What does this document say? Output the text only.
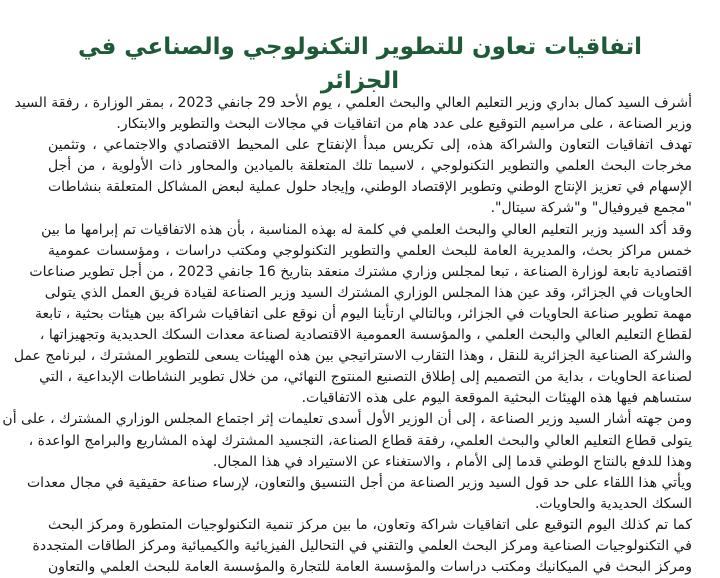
اتفاقيات تعاون للتطوير التكنولوجي والصناعي في الجزائر
أشرف السيد كمال بداري وزير التعليم العالي والبحث العلمي ، يوم الأحد 29 جانفي 2023 ، بمقر الوزارة ، رفقة السيد
وزير الصناعة ، على مراسيم التوقيع على عدد هام من اتفاقيات في مجالات البحث والتطوير والابتكار.
تهدف اتفاقيات التعاون والشراكة هذه، إلى تكريس مبدأ الإنفتاح على المحيط الاقتصادي والاجتماعي ، وتثمين
مخرجات البحث العلمي والتطوير التكنولوجي ، لاسيما تلك المتعلقة بالميادين والمحاور ذات الأولوية ، من أجل
الإسهام في تعزيز الإنتاج الوطني وتطوير الإقتصاد الوطني، وإيجاد حلول عملية لبعض المشاكل المتعلقة بنشاطات
"مجمع فيروفيال" و"شركة سيتال".
وقد أكد السيد وزير التعليم العالي والبحث العلمي في كلمة له بهذه المناسبة ، بأن هذه الاتفاقيات تم إبرامها ما بين
خمس مراكز بحث، والمديرية العامة للبحث العلمي والتطوير التكنولوجي ومكتب دراسات ، ومؤسسات عمومية
اقتصادية تابعة لوزارة الصناعة ، تبعا لمجلس وزاري مشترك منعقد بتاريخ 16 جانفي 2023 ، من أجل تطوير صناعات
الحاويات في الجزائر، وقد عين هذا المجلس الوزاري المشترك السيد وزير الصناعة لقيادة فريق العمل الذي يتولى
مهمة تطوير صناعة الحاويات في الجزائر، وبالتالي ارتأينا اليوم أن نوقع على اتفاقيات شراكة بين هيئات بحثية ، تابعة
لقطاع التعليم العالي والبحث العلمي ، والمؤسسة العمومية الاقتصادية لصناعة معدات السكك الحديدية وتجهيزاتها ،
والشركة الصناعية الجزائرية للنقل ، وهذا التقارب الاستراتيجي بين هذه الهيئات يسعى للتطوير المشترك ، لبرنامج عمل
لصناعة الحاويات ، بداية من التصميم إلى إطلاق التصنيع المنتوج النهائي، من خلال تطوير النشاطات الإبداعية ، التي
ستساهم فيها هذه الهيئات البحثية الموقعة اليوم على هذه الاتفاقيات.
ومن جهته أشار السيد وزير الصناعة ، إلى أن الوزير الأول أسدى تعليمات إثر اجتماع المجلس الوزاري المشترك ، على أن
يتولى قطاع التعليم العالي والبحث العلمي، رفقة قطاع الصناعة، التجسيد المشترك لهذه المشاريع والبرامج الواعدة ،
وهذا للدفع بالنتاج الوطني قدما إلى الأمام ، والاستغناء عن الاستيراد في هذا المجال.
ويأتي هذا اللقاء على حد قول السيد وزير الصناعة من أجل التنسيق والتعاون، لإرساء صناعة حقيقية في مجال معدات
السكك الحديدية والحاويات.
كما تم كذلك اليوم التوقيع على اتفاقيات شراكة وتعاون، ما بين مركز تنمية التكنولوجيات المتطورة ومركز البحث
في التكنولوجيات الصناعية ومركز البحث العلمي والتقني في التحاليل الفيزيائية والكيميائية ومركز الطاقات المتجددة
ومركز البحث في الميكانيك ومكتب دراسات والمؤسسة العامة للتجارة والمؤسسة العامة للبحث العلمي والتعاون
